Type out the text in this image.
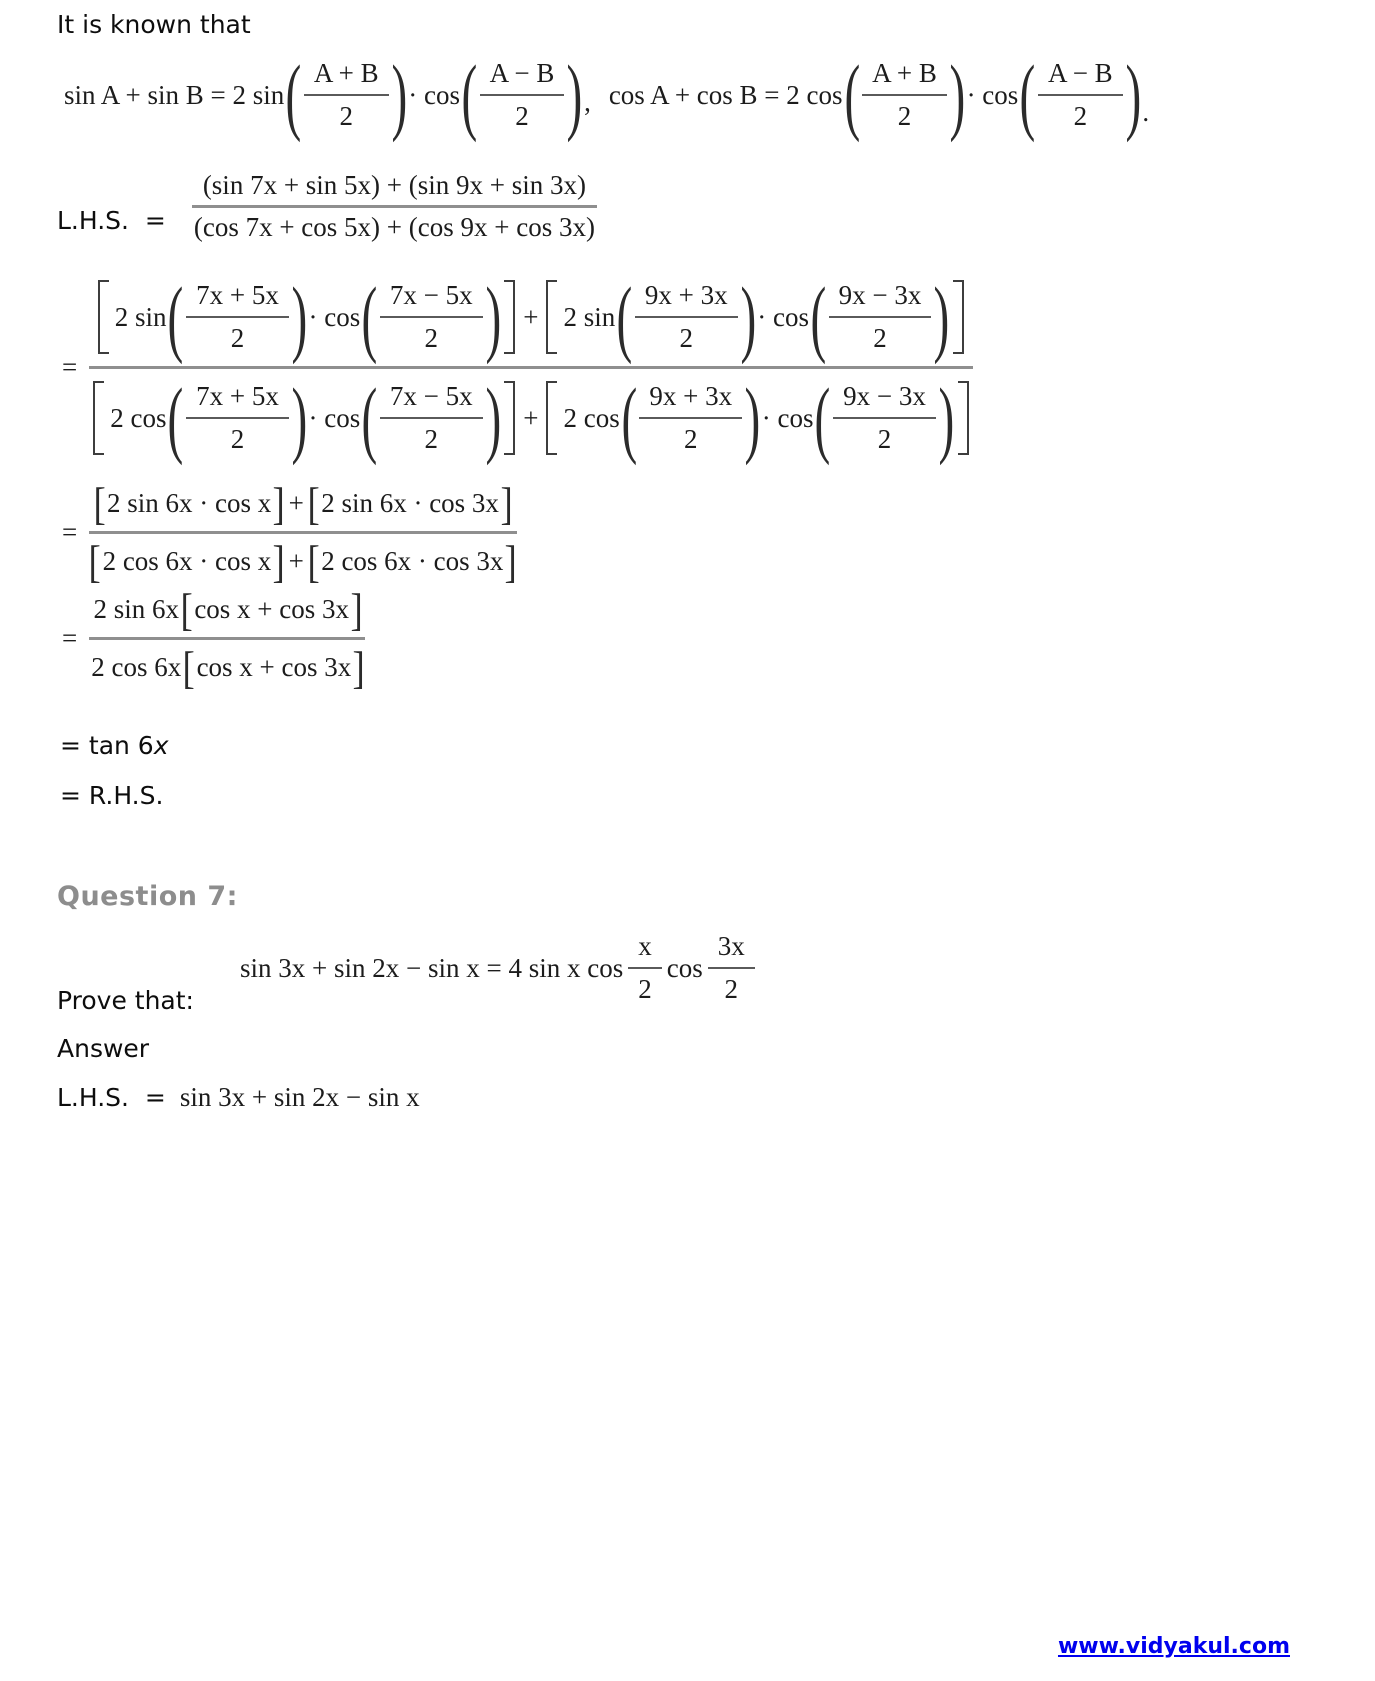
It is known that
sin A + sin B = 2 sin ( $\frac{A + B}{2}$ ) · cos ( $\frac{A - B}{2}$ ) , cos A + cos B = 2 cos ( $\frac{A + B}{2}$ ) · cos ( $\frac{A - B}{2}$ ) .
L.H.S.  =
(sin 7x + sin 5x) + (sin 9x + sin 3x)
(cos 7x + cos 5x) + (cos 9x + cos 3x)
=
2 sin ( $\frac{7x + 5x}{2}$ ) · cos ( $\frac{7x - 5x}{2}$ ) + 2 sin ( $\frac{9x + 3x}{2}$ ) · cos ( $\frac{9x - 3x}{2}$ )
2 cos ( $\frac{7x + 5x}{2}$ ) · cos ( $\frac{7x - 5x}{2}$ ) + 2 cos ( $\frac{9x + 3x}{2}$ ) · cos ( $\frac{9x - 3x}{2}$ )
=
[ 2 sin 6x · cos x ] + [ 2 sin 6x · cos 3x ]
[ 2 cos 6x · cos x ] + [ 2 cos 6x · cos 3x ]
=
2 sin 6x [ cos x + cos 3x ]
2 cos 6x [ cos x + cos 3x ]
= tan 6x
= R.H.S.
Question 7:
sin 3x + sin 2x − sin x = 4 sin x $\cos \frac{x}{2}$ $\cos \frac{3x}{2}$
Prove that:
Answer
L.H.S.  = sin 3x + sin 2x − sin x
www.vidyakul.com
